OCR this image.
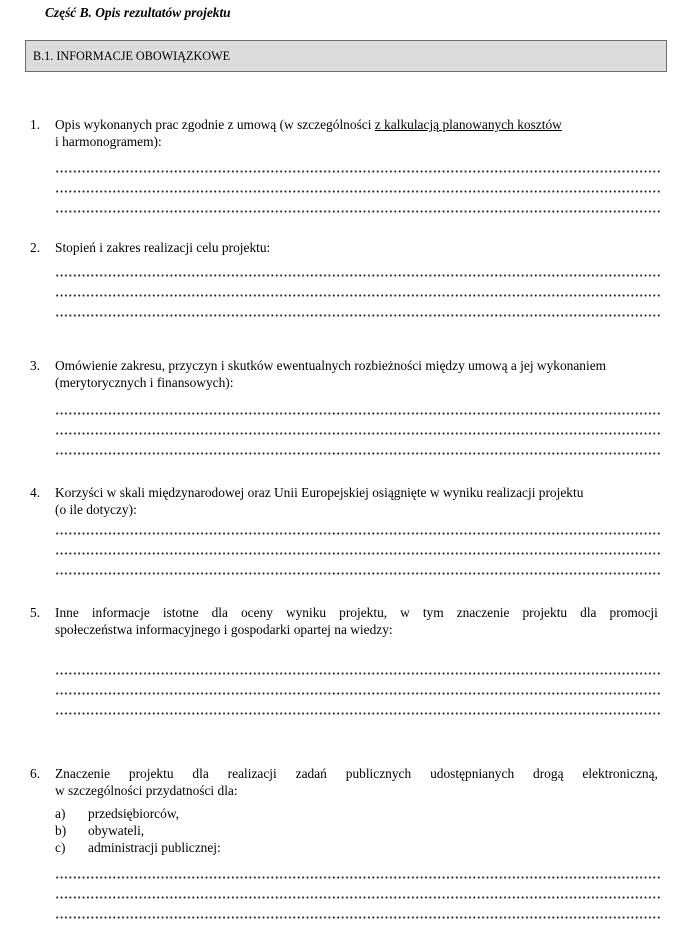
Część B. Opis rezultatów projektu
B.1. INFORMACJE OBOWIĄZKOWE
1. Opis wykonanych prac zgodnie z umową (w szczególności z kalkulacją planowanych kosztów
i harmonogramem):
2. Stopień i zakres realizacji celu projektu:
3. Omówienie zakresu, przyczyn i skutków ewentualnych rozbieżności między umową a jej wykonaniem
(merytorycznych i finansowych):
4. Korzyści w skali międzynarodowej oraz Unii Europejskiej osiągnięte w wyniku realizacji projektu
(o ile dotyczy):
5. Inne informacje istotne dla oceny wyniku projektu, w tym znaczenie projektu dla promocji
społeczeństwa informacyjnego i gospodarki opartej na wiedzy:
6. Znaczenie projektu dla realizacji zadań publicznych udostępnianych drogą elektroniczną,
w szczególności przydatności dla:
a) przedsiębiorców,
b) obywateli,
c) administracji publicznej:
